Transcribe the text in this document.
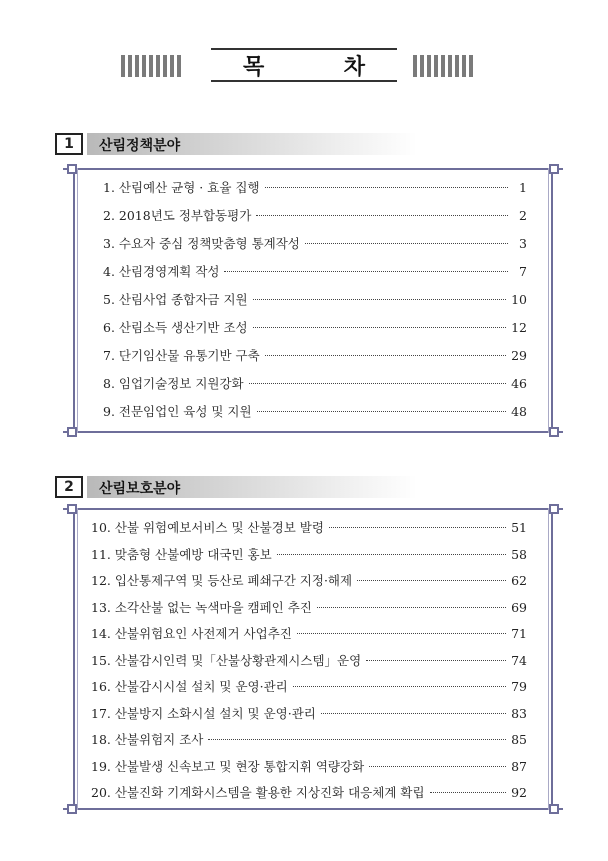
목	차
1	산림정책분야
1. 산림예산 균형 · 효율 집행	1
2. 2018년도 정부합동평가	2
3. 수요자 중심 정책맞춤형 통계작성	3
4. 산림경영계획 작성	7
5. 산림사업 종합자금 지원	10
6. 산림소득 생산기반 조성	12
7. 단기임산물 유통기반 구축	29
8. 임업기술정보 지원강화	46
9. 전문임업인 육성 및 지원	48
2	산림보호분야
10. 산불 위험예보서비스 및 산불경보 발령	51
11. 맞춤형 산불예방 대국민 홍보	58
12. 입산통제구역 및 등산로 폐쇄구간 지정·해제	62
13. 소각산불 없는 녹색마을 캠페인 추진	69
14. 산불위험요인 사전제거 사업추진	71
15. 산불감시인력 및「산불상황관제시스템」운영	74
16. 산불감시시설 설치 및 운영·관리	79
17. 산불방지 소화시설 설치 및 운영·관리	83
18. 산불위험지 조사	85
19. 산불발생 신속보고 및 현장 통합지휘 역량강화	87
20. 산불진화 기계화시스템을 활용한 지상진화 대응체계 확립	92
